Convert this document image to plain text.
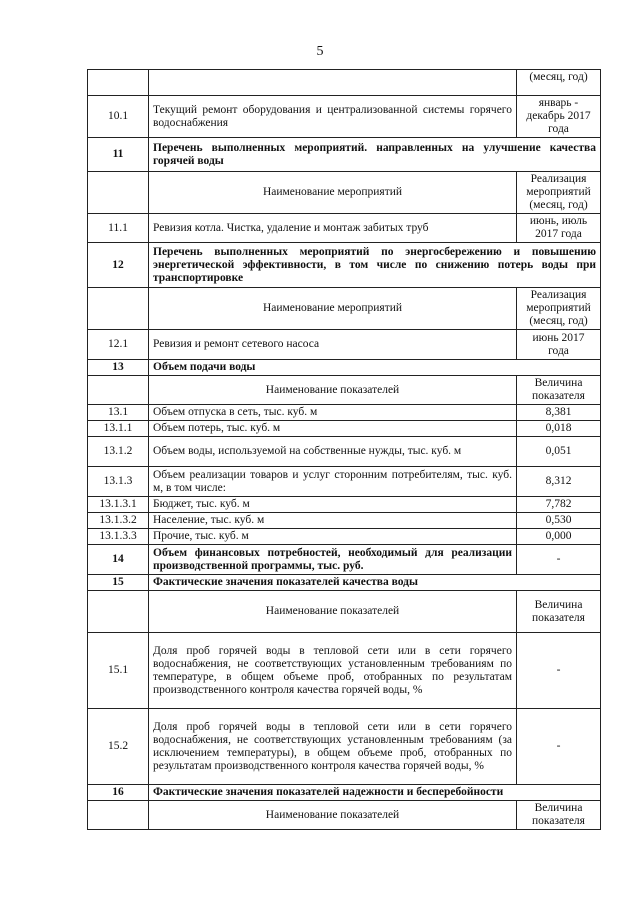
5
		(месяц, год)
10.1	Текущий ремонт оборудования и централизованной системы горячего водоснабжения	январь - декабрь 2017 года
11	Перечень выполненных мероприятий. направленных на улучшение качества горячей воды	
	Наименование мероприятий	Реализация мероприятий (месяц, год)
11.1	Ревизия котла. Чистка, удаление и монтаж забитых труб	июнь, июль 2017 года
12	Перечень выполненных мероприятий по энергосбережению и повышению энергетической эффективности, в том числе по снижению потерь воды при транспортировке	
	Наименование мероприятий	Реализация мероприятий (месяц, год)
12.1	Ревизия и ремонт сетевого насоса	июнь 2017 года
13	Объем подачи воды	
	Наименование показателей	Величина показателя
13.1	Объем отпуска в сеть, тыс. куб. м	8,381
13.1.1	Объем потерь, тыс. куб. м	0,018
13.1.2	Объем воды, используемой на собственные нужды, тыс. куб. м	0,051
13.1.3	Объем реализации товаров и услуг сторонним потребителям, тыс. куб. м, в том числе:	8,312
13.1.3.1	Бюджет, тыс. куб. м	7,782
13.1.3.2	Население, тыс. куб. м	0,530
13.1.3.3	Прочие, тыс. куб. м	0,000
14	Объем финансовых потребностей, необходимый для реализации производственной программы, тыс. руб.	-
15	Фактические значения показателей качества воды	
	Наименование показателей	Величина показателя
15.1	Доля проб горячей воды в тепловой сети или в сети горячего водоснабжения, не соответствующих установленным требованиям по температуре, в общем объеме проб, отобранных по результатам производственного контроля качества горячей воды, %	-
15.2	Доля проб горячей воды в тепловой сети или в сети горячего водоснабжения, не соответствующих установленным требованиям (за исключением температуры), в общем объеме проб, отобранных по результатам производственного контроля качества горячей воды, %	-
16	Фактические значения показателей надежности и бесперебойности	
	Наименование показателей	Величина показателя
